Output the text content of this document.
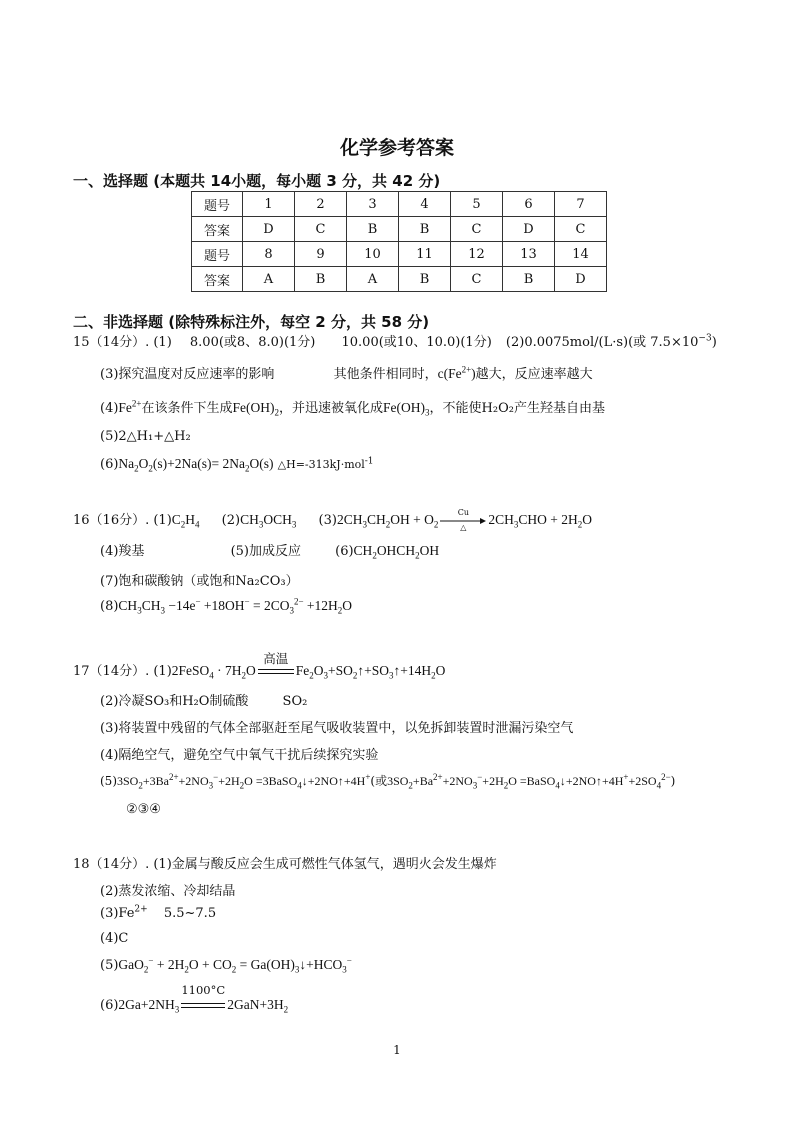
化学参考答案
一、选择题 (本题共 14小题，每小题 3 分，共 42 分)
题号	1	2	3	4	5	6	7
答案	D	C	B	B	C	D	C
题号	8	9	10	11	12	13	14
答案	A	B	A	B	C	B	D
二、非选择题 (除特殊标注外，每空 2 分，共 58 分)
15（14分）. (1) 8.00(或8、8.0)(1分) 10.00(或10、10.0)(1分) (2)0.0075mol/(L·s)(或 $7.5\times 10^{-3}$)
(3)探究温度对反应速率的影响	其他条件相同时，$c(Fe^{2+})$越大，反应速率越大
$(4)Fe^{2+}$在该条件下生成$Fe(OH)_2$，并迅速被氧化成$Fe(OH)_3$，不能使H₂O₂产生羟基自由基
(5)2△H₁+△H₂
$(6)Na_2O_2(s)+2Na(s)= 2Na_2O(s)$ △H=-313kJ·mol$^{-1}$
16（16分）. $(1)C_2H_4$ $(2)CH_3OCH_3$ $(3)2CH_3CH_2OH + O_2$
Cu
△	$2CH_3CHO + 2H_2O$
(4)羧基	(5)加成反应	$(6)CH_2OHCH_2OH$
(7)饱和碳酸钠（或饱和Na₂CO₃）
$(8)CH_3CH_3 -14e^- +18OH^- = 2CO_3^{2-} +12H_2O$
17（14分）. (1)2FeSO$_4$ · $7H_2O$
高温
$Fe_2O_3+SO_2↑+SO_3↑+14H_2O$
(2)冷凝SO₃和H₂O制硫酸	SO₂
(3)将装置中残留的气体全部驱赶至尾气吸收装置中，以免拆卸装置时泄漏污染空气
(4)隔绝空气，避免空气中氧气干扰后续探究实验
$(5)3SO_2+3Ba^{2+}+2NO_3^-+2H_2O$ =3BaSO$_4$↓+2NO↑+4H+(或$3SO_2+Ba^{2+}+2NO_3^-+2H_2O$ $=BaSO_4↓+2NO↑+4H^++2SO_4^{2-}$)
②③④
18（14分）. (1)金属与酸反应会生成可燃性气体氢气，遇明火会发生爆炸
(2)蒸发浓缩、冷却结晶
$(3)Fe^{2+}$ 5.5~7.5
(4)C
$(5)GaO_2^- + 2H_2O + CO_2$ = $Ga(OH)_3↓+HCO_3^-$
$(6)2Ga+2NH_3$
1100°C
$2GaN+3H_2$
1
